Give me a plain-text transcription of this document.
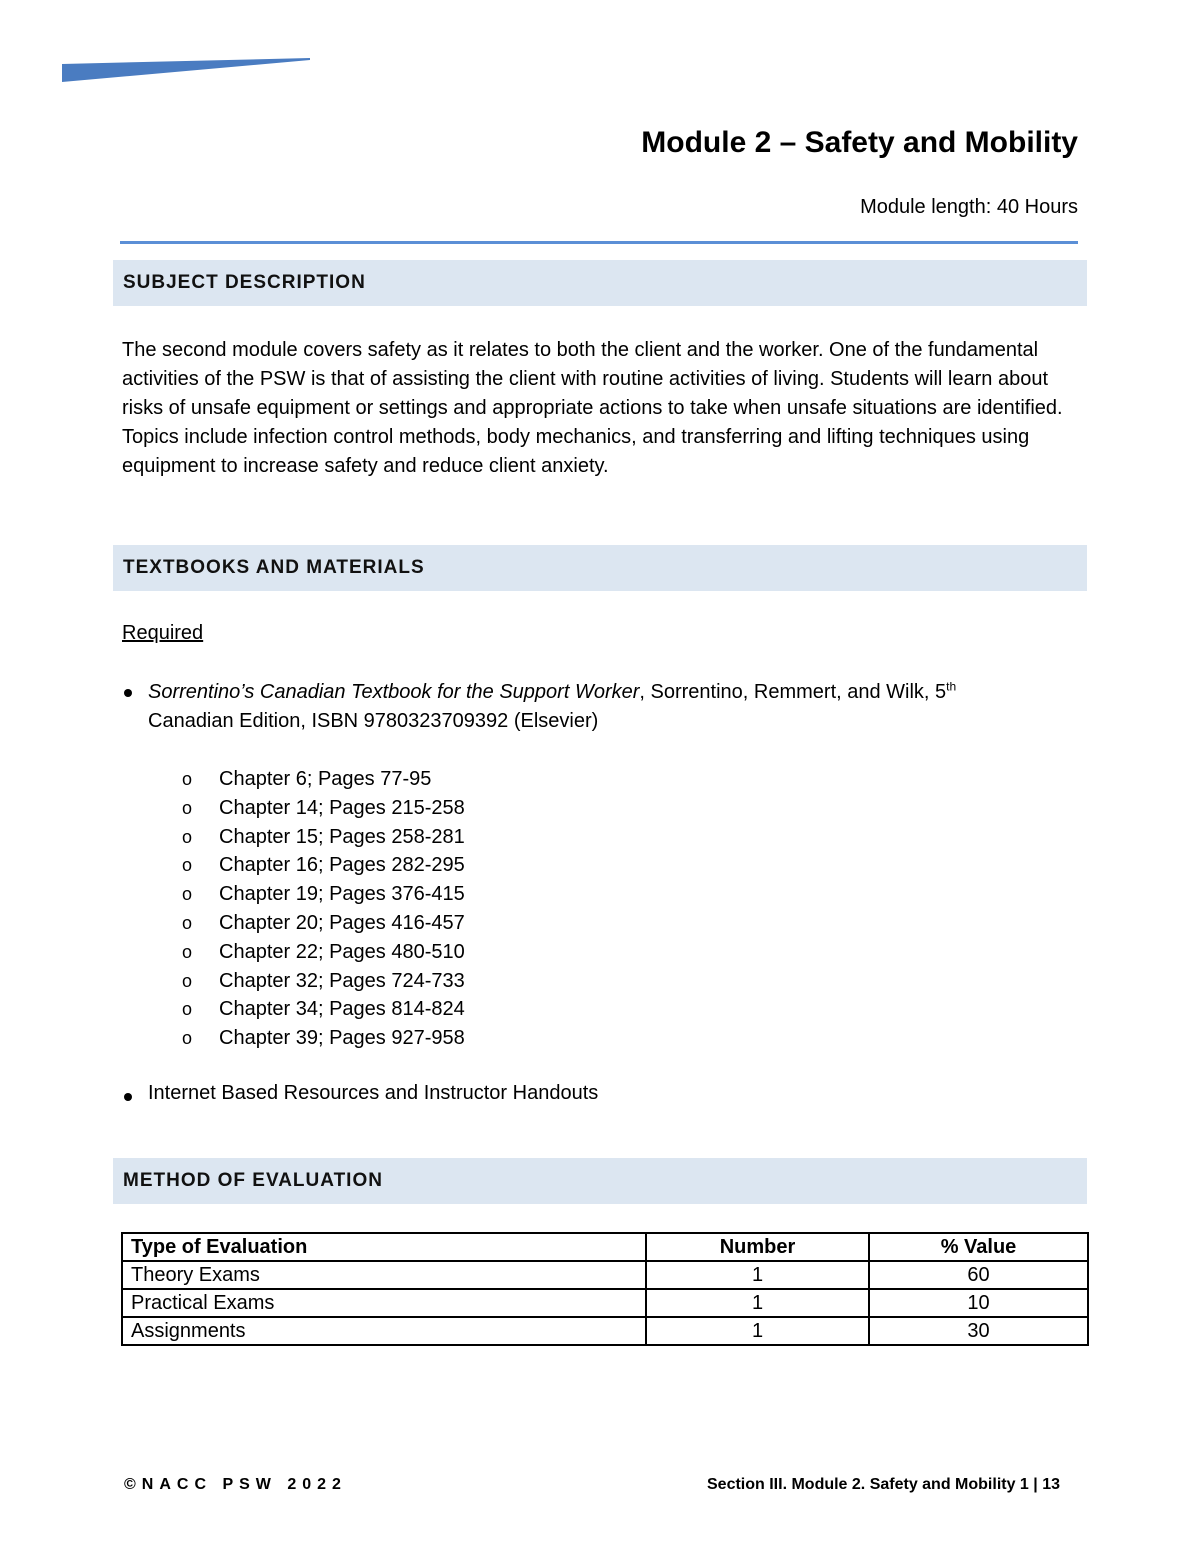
Module 2 – Safety and Mobility
Module length: 40 Hours
SUBJECT DESCRIPTION

The second module covers safety as it relates to both the client and the worker. One of the fundamental activities of the PSW is that of assisting the client with routine activities of living. Students will learn about risks of unsafe equipment or settings and appropriate actions to take when unsafe situations are identified. Topics include infection control methods, body mechanics, and transferring and lifting techniques using equipment to increase safety and reduce client anxiety.

TEXTBOOKS AND MATERIALS
Required
Sorrentino’s Canadian Textbook for the Support Worker, Sorrentino, Remmert, and Wilk, 5th
Canadian Edition, ISBN 9780323709392 (Elsevier)
o	Chapter 6; Pages 77-95
o	Chapter 14; Pages 215-258
o	Chapter 15; Pages 258-281
o	Chapter 16; Pages 282-295
o	Chapter 19; Pages 376-415
o	Chapter 20; Pages 416-457
o	Chapter 22; Pages 480-510
o	Chapter 32; Pages 724-733
o	Chapter 34; Pages 814-824
o	Chapter 39; Pages 927-958
Internet Based Resources and Instructor Handouts
METHOD OF EVALUATION
Type of Evaluation	Number	% Value
Theory Exams	1	60
Practical Exams	1	10
Assignments	1	30
©NACC PSW 2022	Section III. Module 2. Safety and Mobility 1 | 13
